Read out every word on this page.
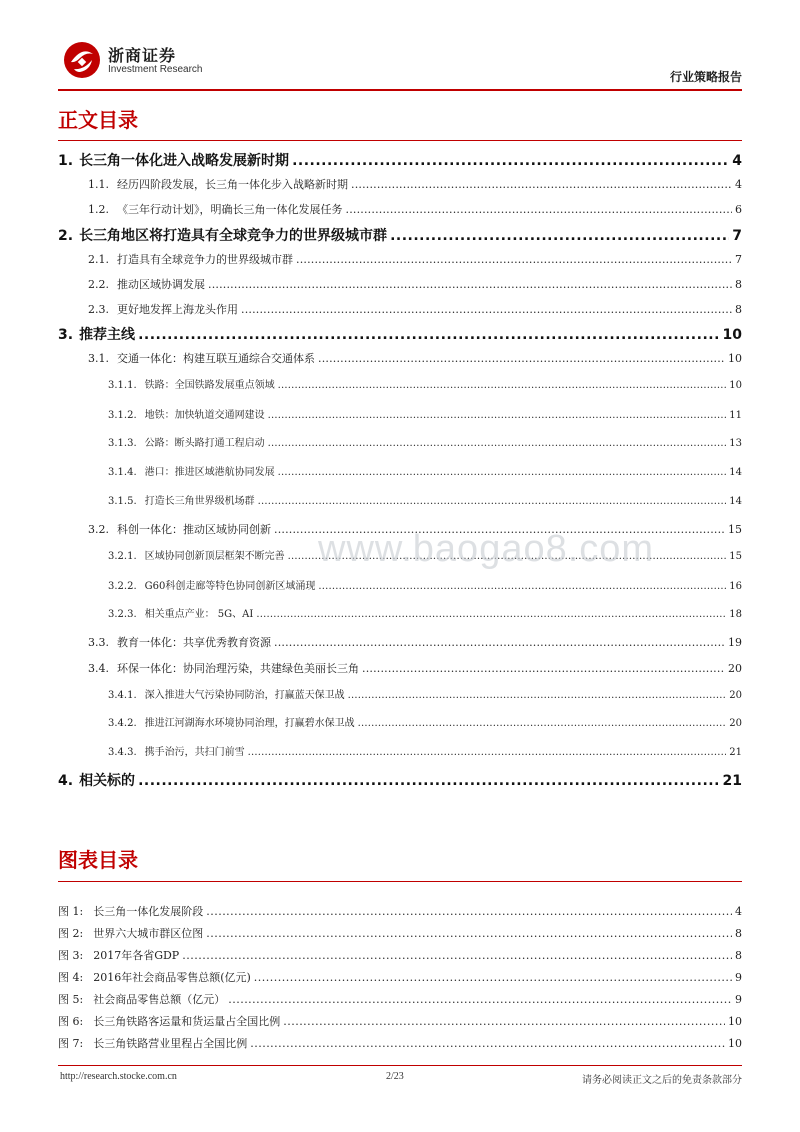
浙商证券
Investment Research
行业策略报告
正文目录
1. 长三角一体化进入战略发展新时期 .....	4
1.1. 经历四阶段发展，长三角一体化步入战略新时期 .....	4
1.2. 《三年行动计划》，明确长三角一体化发展任务 .....	6
2. 长三角地区将打造具有全球竞争力的世界级城市群 .....	7
2.1. 打造具有全球竞争力的世界级城市群 .....	7
2.2. 推动区域协调发展 .....	8
2.3. 更好地发挥上海龙头作用 .....	8
3. 推荐主线 .....	10
3.1. 交通一体化：构建互联互通综合交通体系 .....	10
3.1.1. 铁路：全国铁路发展重点领域 .....	10
3.1.2. 地铁：加快轨道交通网建设 .....	11
3.1.3. 公路：断头路打通工程启动 .....	13
3.1.4. 港口：推进区域港航协同发展 .....	14
3.1.5. 打造长三角世界级机场群 .....	14
3.2. 科创一体化：推动区域协同创新 .....	15
3.2.1. 区域协同创新顶层框架不断完善 .....	15
3.2.2. G60科创走廊等特色协同创新区域涌现 .....	16
3.2.3. 相关重点产业： 5G、AI .....	18
3.3. 教育一体化：共享优秀教育资源 .....	19
3.4. 环保一体化：协同治理污染，共建绿色美丽长三角 .....	20
3.4.1. 深入推进大气污染协同防治，打赢蓝天保卫战 .....	20
3.4.2. 推进江河湖海水环境协同治理，打赢碧水保卫战 .....	20
3.4.3. 携手治污，共扫门前雪 .....	21
4. 相关标的 .....	21
图表目录
图 1: 长三角一体化发展阶段 .....	4
图 2: 世界六大城市群区位图 .....	8
图 3: 2017年各省GDP .....	8
图 4: 2016年社会商品零售总额(亿元) .....	9
图 5: 社会商品零售总额（亿元） .....	9
图 6: 长三角铁路客运量和货运量占全国比例 .....	10
图 7: 长三角铁路营业里程占全国比例 .....	10
www.baogao8.com
http://research.stocke.com.cn	2/23	请务必阅读正文之后的免责条款部分
